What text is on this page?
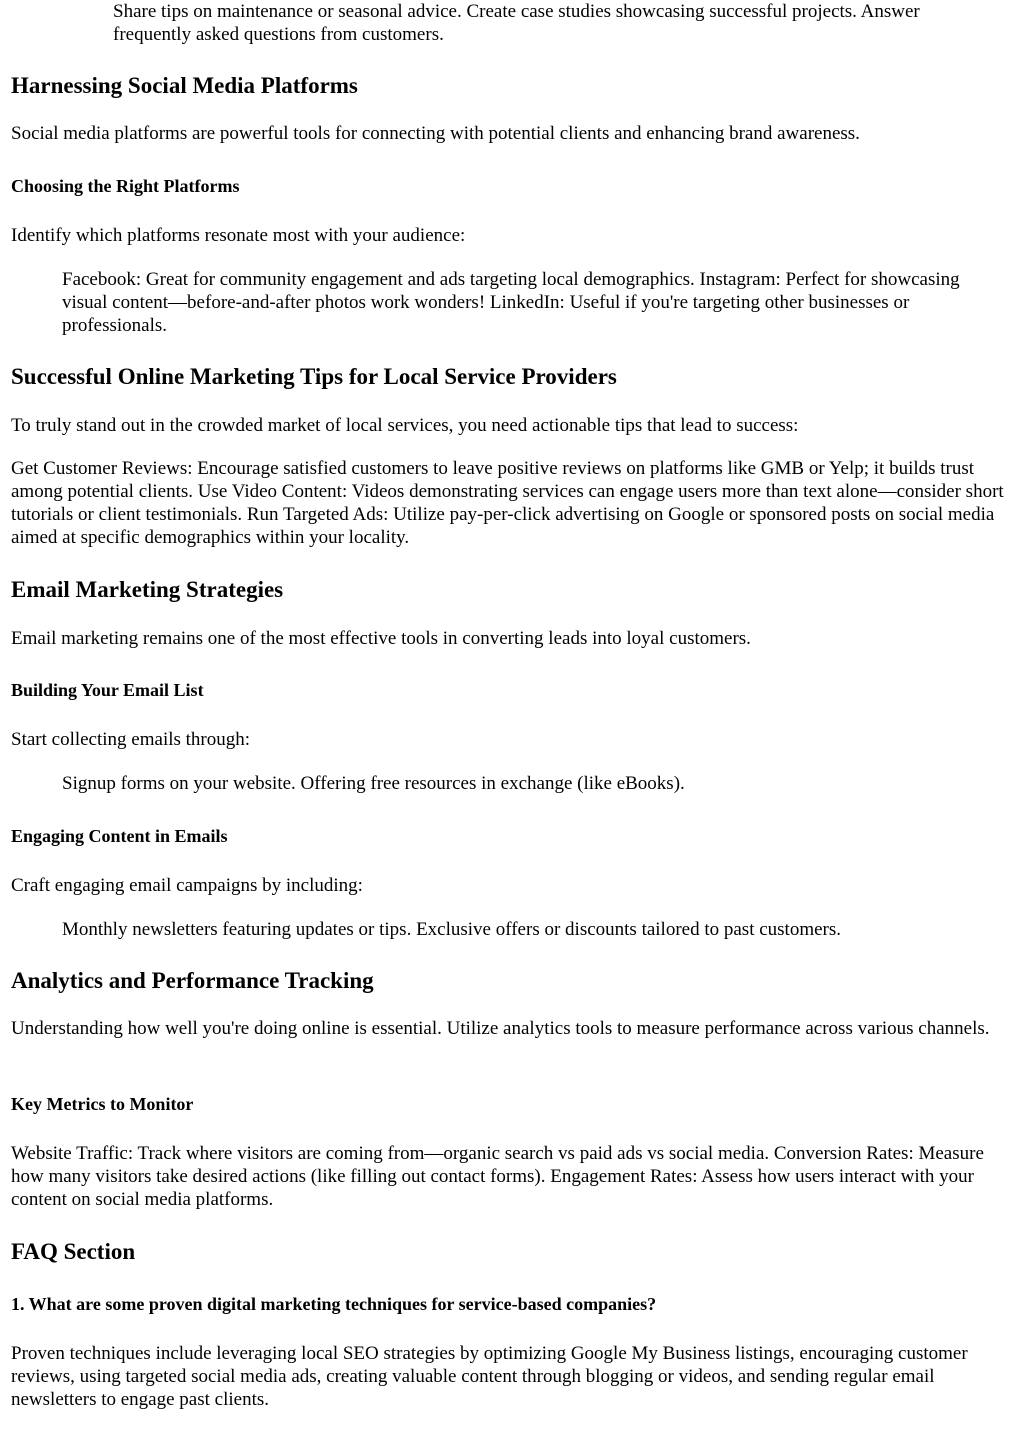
Share tips on maintenance or seasonal advice. Create case studies showcasing successful projects. Answer frequently asked questions from customers.

Harnessing Social Media Platforms

Social media platforms are powerful tools for connecting with potential clients and enhancing brand awareness.

Choosing the Right Platforms

Identify which platforms resonate most with your audience:

Facebook: Great for community engagement and ads targeting local demographics. Instagram: Perfect for showcasing visual content—before-and-after photos work wonders! LinkedIn: Useful if you're targeting other businesses or professionals.

Successful Online Marketing Tips for Local Service Providers

To truly stand out in the crowded market of local services, you need actionable tips that lead to success:

Get Customer Reviews: Encourage satisfied customers to leave positive reviews on platforms like GMB or Yelp; it builds trust among potential clients. Use Video Content: Videos demonstrating services can engage users more than text alone—consider short tutorials or client testimonials. Run Targeted Ads: Utilize pay-per-click advertising on Google or sponsored posts on social media aimed at specific demographics within your locality.

Email Marketing Strategies

Email marketing remains one of the most effective tools in converting leads into loyal customers.

Building Your Email List

Start collecting emails through:

Signup forms on your website. Offering free resources in exchange (like eBooks).

Engaging Content in Emails

Craft engaging email campaigns by including:

Monthly newsletters featuring updates or tips. Exclusive offers or discounts tailored to past customers.

Analytics and Performance Tracking

Understanding how well you're doing online is essential. Utilize analytics tools to measure performance across various channels.

Key Metrics to Monitor

Website Traffic: Track where visitors are coming from—organic search vs paid ads vs social media. Conversion Rates: Measure how many visitors take desired actions (like filling out contact forms). Engagement Rates: Assess how users interact with your content on social media platforms.

FAQ Section
1. What are some proven digital marketing techniques for service-based companies?

Proven techniques include leveraging local SEO strategies by optimizing Google My Business listings, encouraging customer reviews, using targeted social media ads, creating valuable content through blogging or videos, and sending regular email newsletters to engage past clients.
